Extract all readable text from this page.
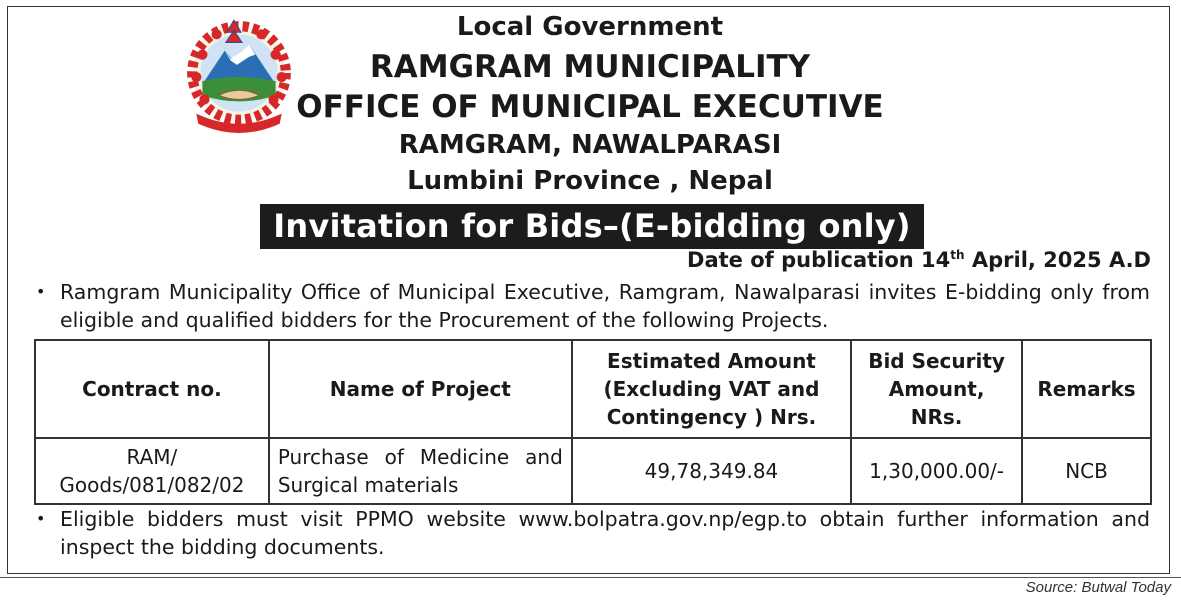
Local Government
RAMGRAM MUNICIPALITY
OFFICE OF MUNICIPAL EXECUTIVE
RAMGRAM, NAWALPARASI
Lumbini Province , Nepal
Invitation for Bids–(E-bidding only)
Date of publication 14th April, 2025 A.D
• Ramgram Municipality Office of Municipal Executive, Ramgram, Nawalparasi invites E-bidding only from eligible and qualified bidders for the Procurement of the following Projects.
Contract no.	Name of Project	Estimated Amount (Excluding VAT and Contingency ) Nrs.	Bid Security Amount, NRs.	Remarks
RAM/ Goods/081/082/02	Purchase of Medicine and Surgical materials	49,78,349.84	1,30,000.00/-	NCB
• Eligible bidders must visit PPMO website www.bolpatra.gov.np/egp.to obtain further information and inspect the bidding documents.
Source: Butwal Today
